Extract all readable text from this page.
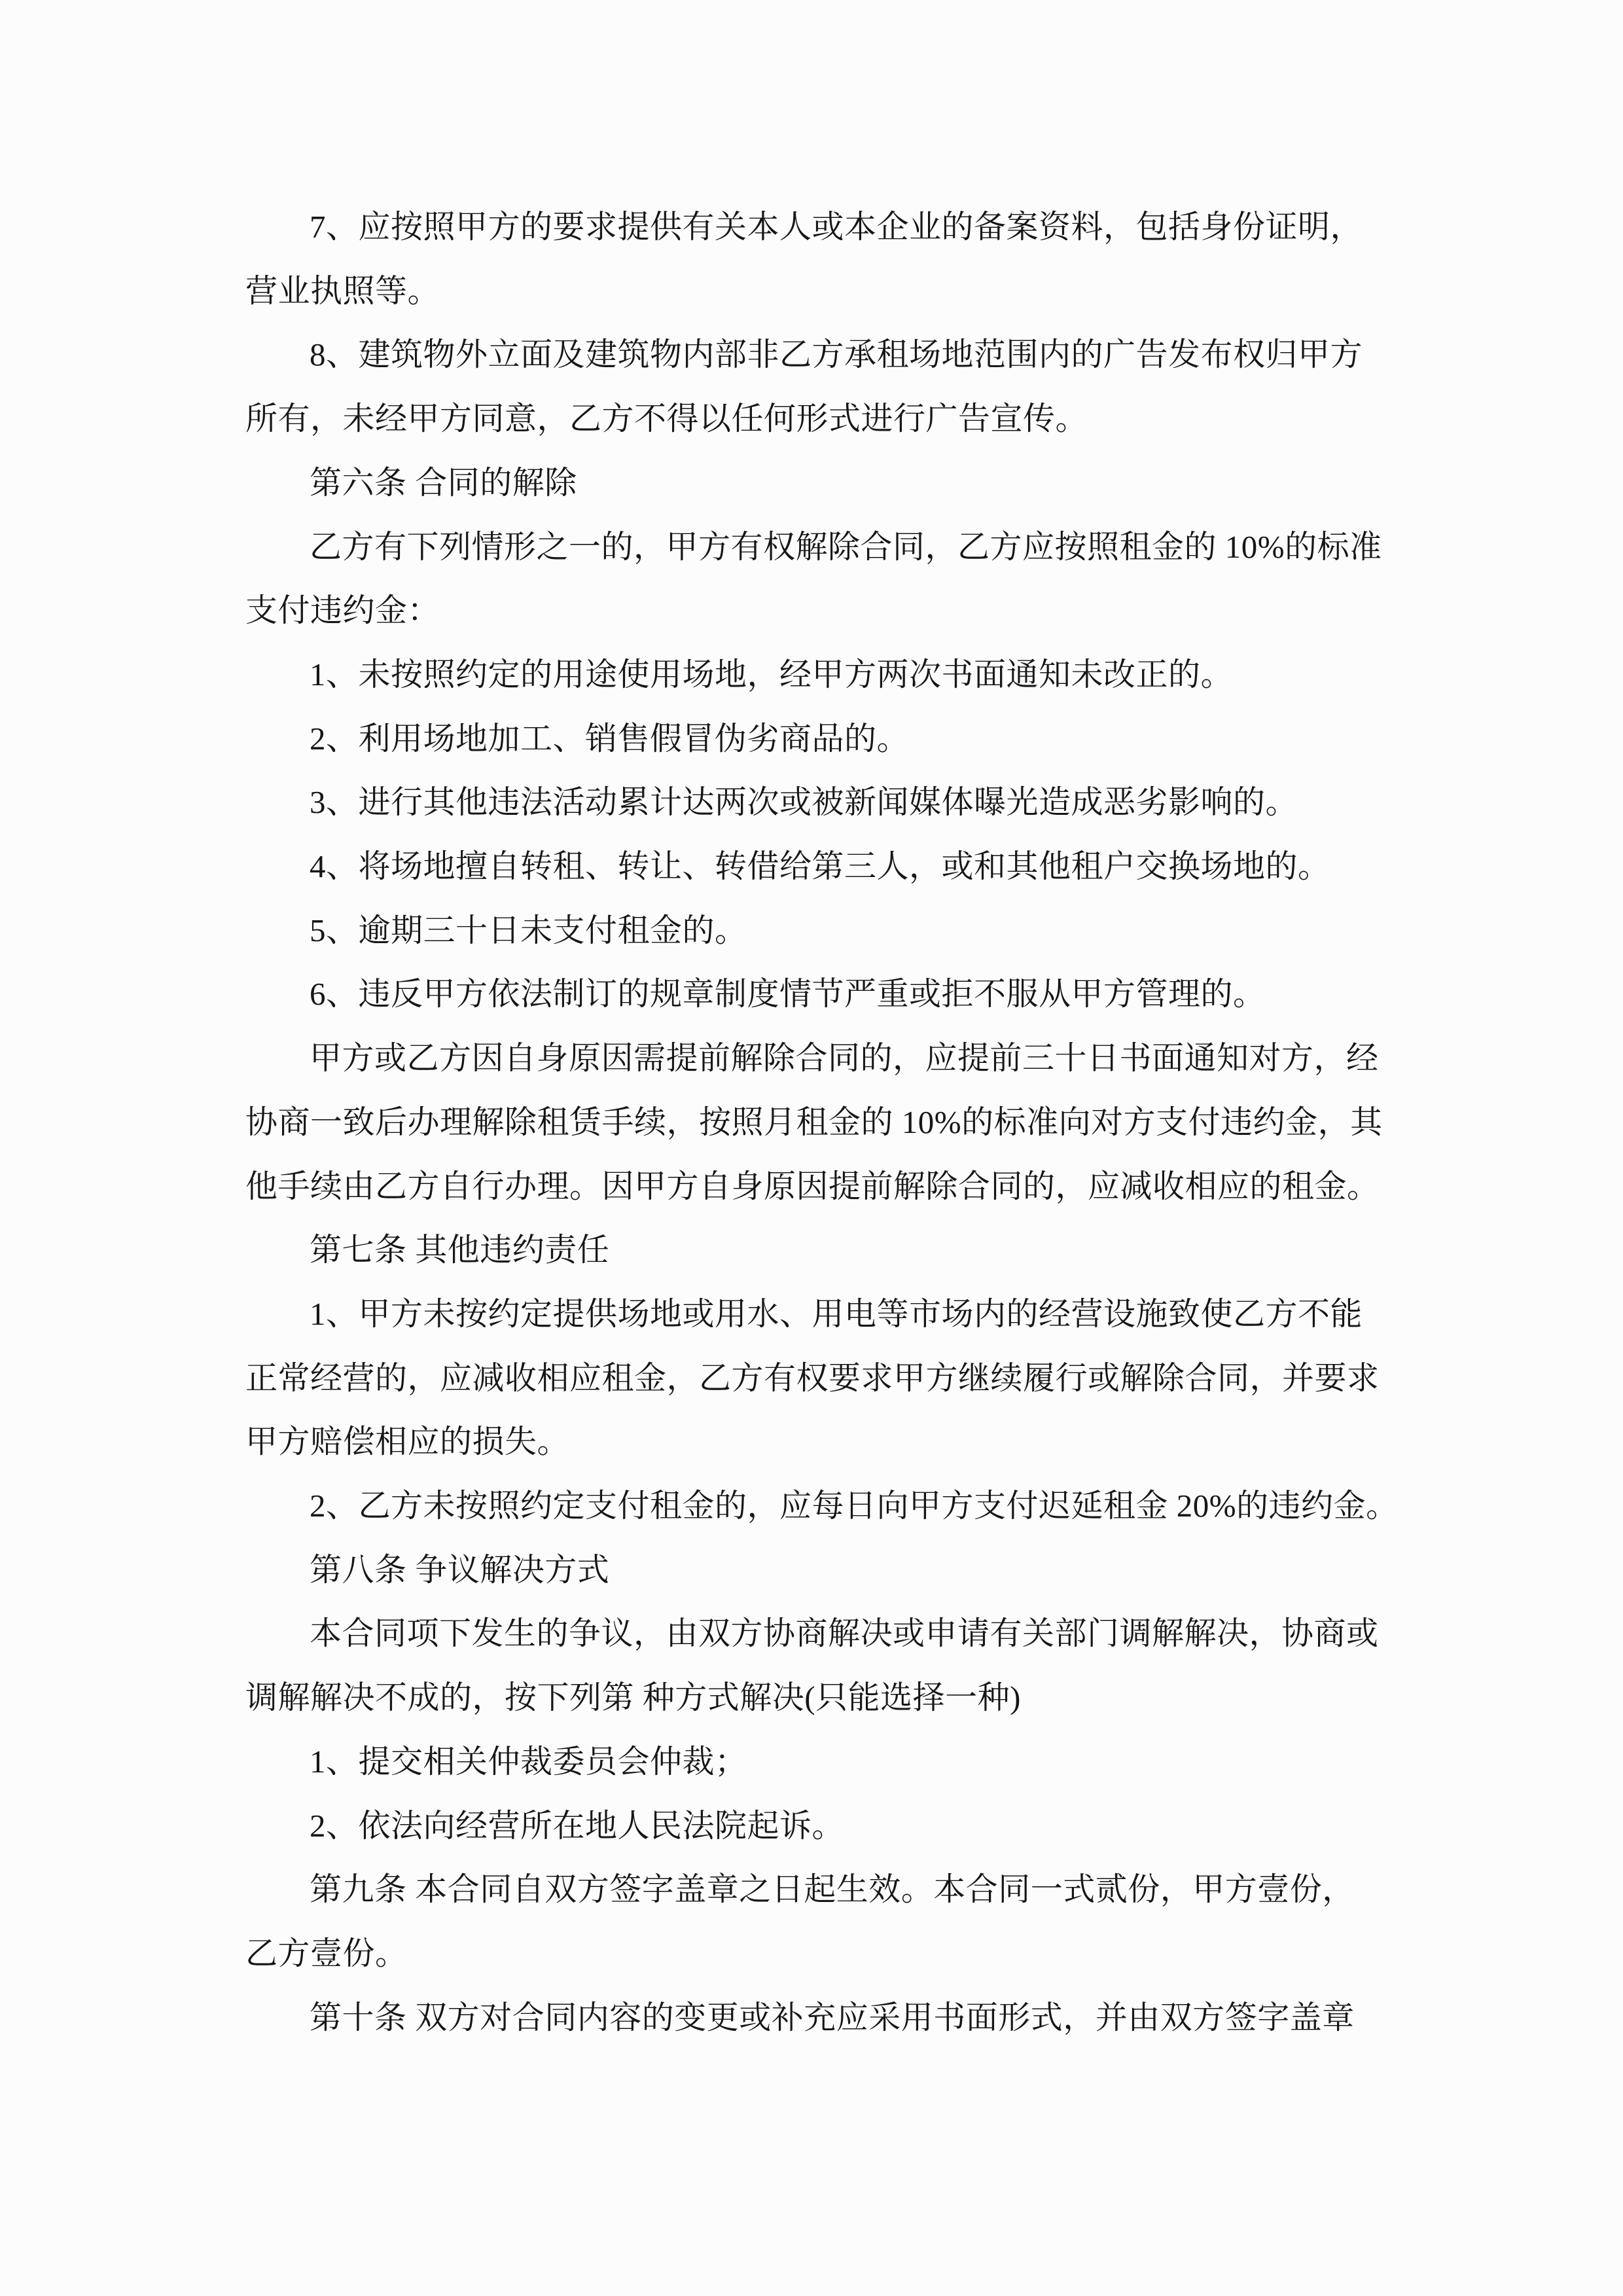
7、应按照甲方的要求提供有关本人或本企业的备案资料，包括身份证明，

营业执照等。

8、建筑物外立面及建筑物内部非乙方承租场地范围内的广告发布权归甲方

所有，未经甲方同意，乙方不得以任何形式进行广告宣传。

第六条 合同的解除

乙方有下列情形之一的，甲方有权解除合同，乙方应按照租金的 10%的标准

支付违约金：

1、未按照约定的用途使用场地，经甲方两次书面通知未改正的。

2、利用场地加工、销售假冒伪劣商品的。

3、进行其他违法活动累计达两次或被新闻媒体曝光造成恶劣影响的。

4、将场地擅自转租、转让、转借给第三人，或和其他租户交换场地的。

5、逾期三十日未支付租金的。

6、违反甲方依法制订的规章制度情节严重或拒不服从甲方管理的。

甲方或乙方因自身原因需提前解除合同的，应提前三十日书面通知对方，经

协商一致后办理解除租赁手续，按照月租金的 10%的标准向对方支付违约金，其

他手续由乙方自行办理。因甲方自身原因提前解除合同的，应减收相应的租金。

第七条 其他违约责任

1、甲方未按约定提供场地或用水、用电等市场内的经营设施致使乙方不能

正常经营的，应减收相应租金，乙方有权要求甲方继续履行或解除合同，并要求

甲方赔偿相应的损失。

2、乙方未按照约定支付租金的，应每日向甲方支付迟延租金 20%的违约金。

第八条 争议解决方式

本合同项下发生的争议，由双方协商解决或申请有关部门调解解决，协商或

调解解决不成的，按下列第 种方式解决(只能选择一种)

1、提交相关仲裁委员会仲裁；

2、依法向经营所在地人民法院起诉。

第九条 本合同自双方签字盖章之日起生效。本合同一式贰份，甲方壹份，

乙方壹份。

第十条 双方对合同内容的变更或补充应采用书面形式，并由双方签字盖章
